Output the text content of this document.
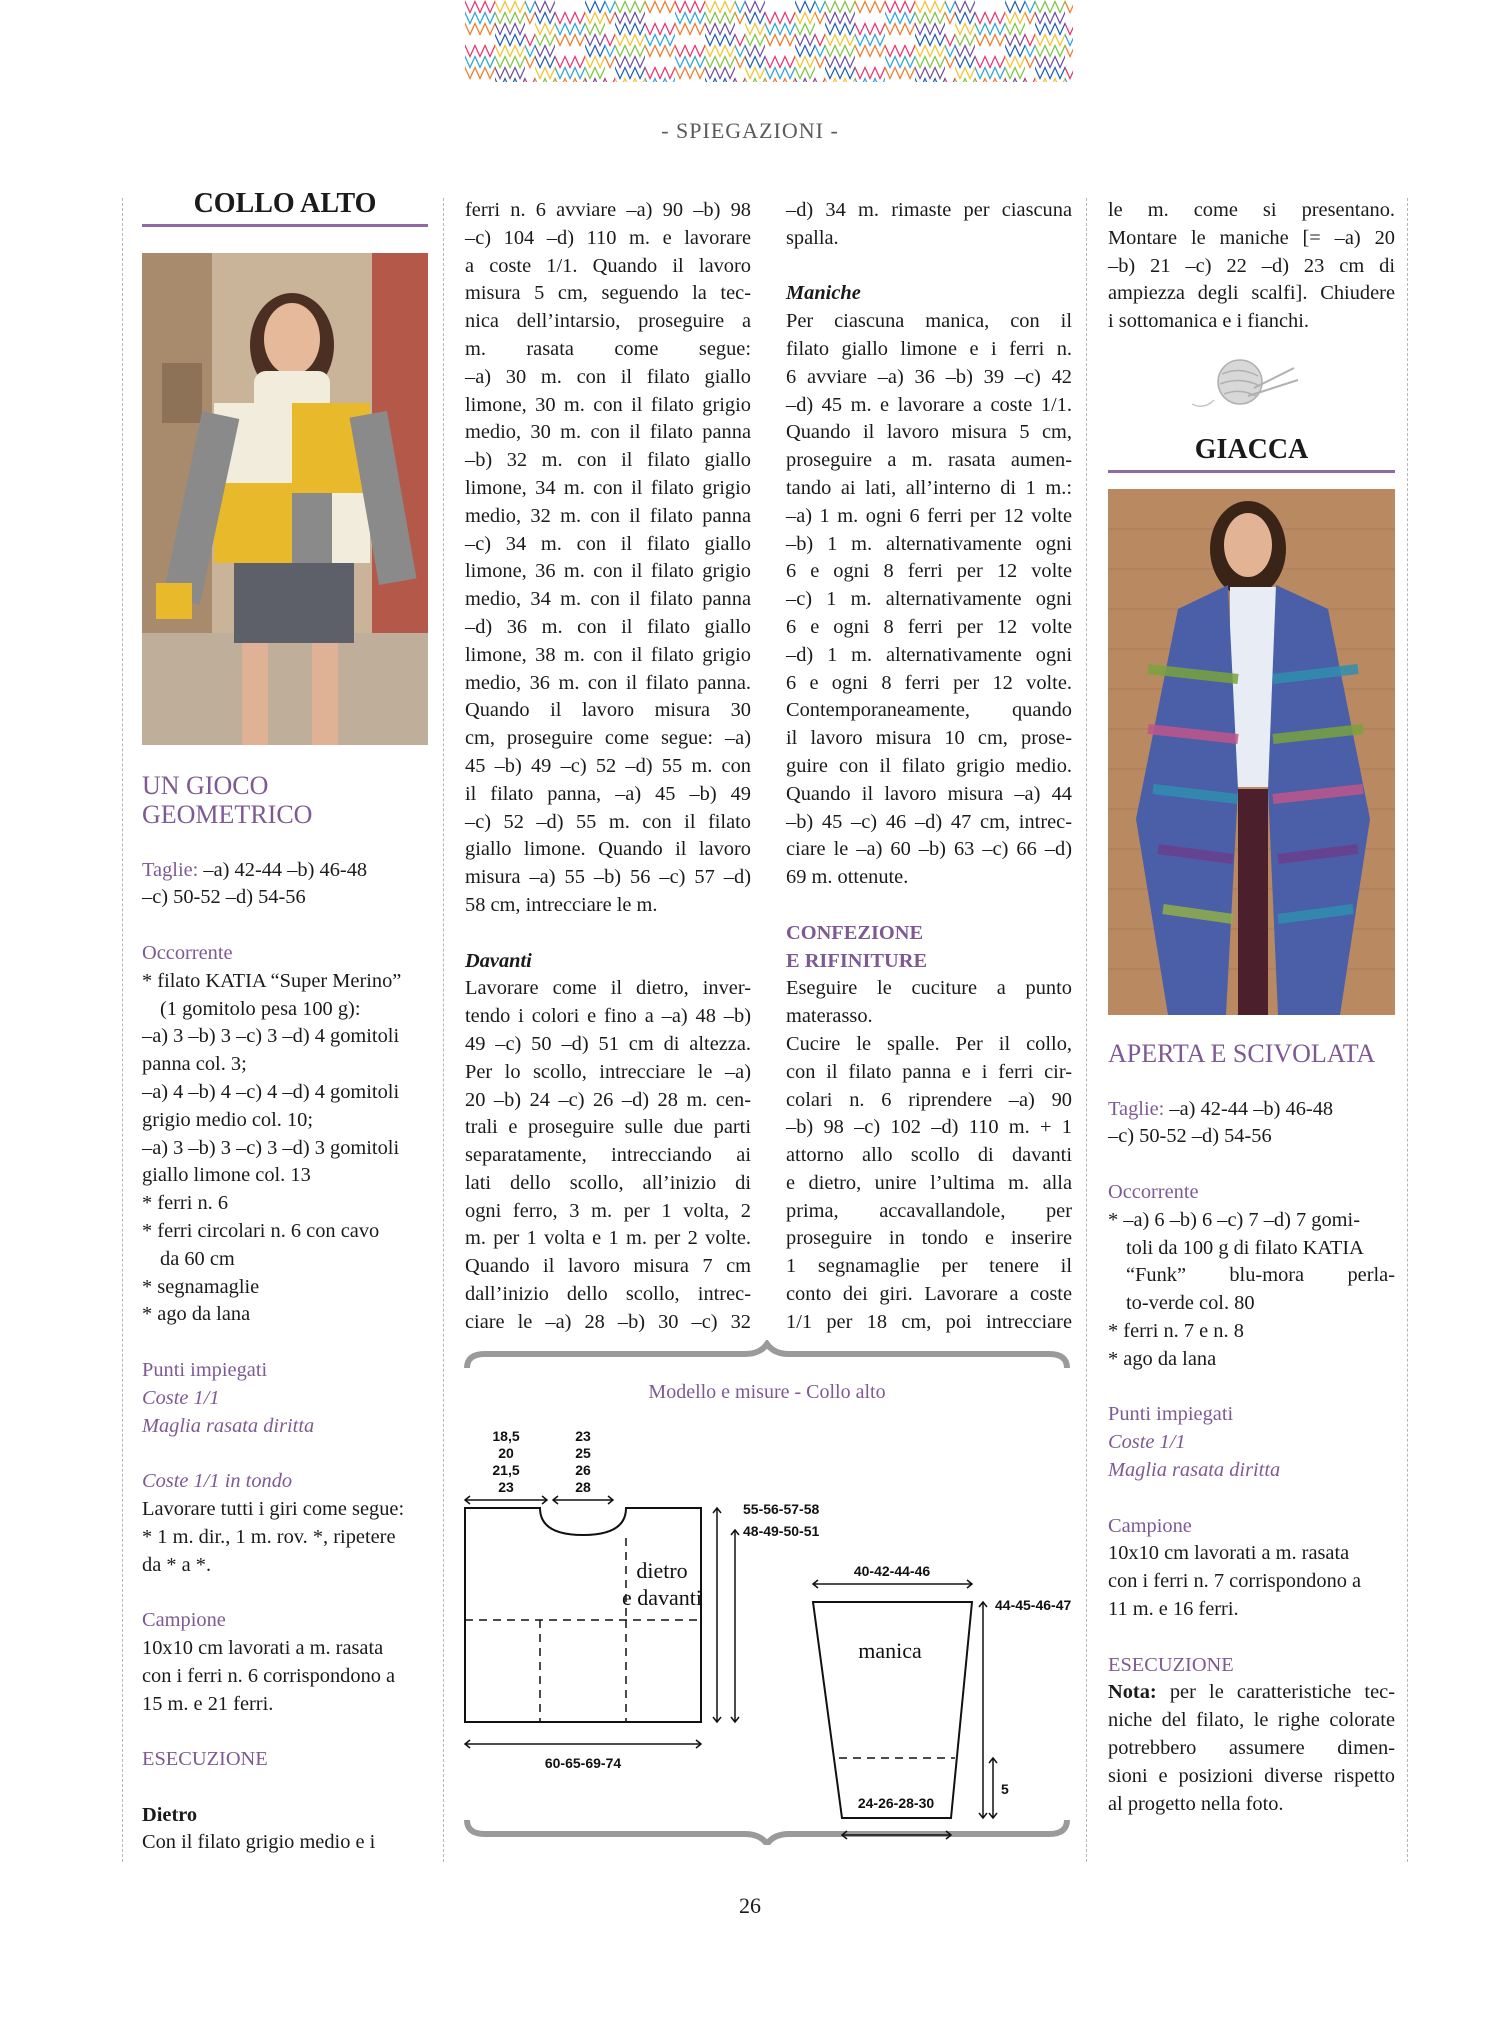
- SPIEGAZIONI -
COLLO ALTO
UN GIOCO
GEOMETRICO

Taglie: –a) 42-44 –b) 46-48

–c) 50-52 –d) 54-56

Occorrente

* filato KATIA “Super Merino”

(1 gomitolo pesa 100 g):

–a) 3 –b) 3 –c) 3 –d) 4 gomitoli

panna col. 3;

–a) 4 –b) 4 –c) 4 –d) 4 gomitoli

grigio medio col. 10;

–a) 3 –b) 3 –c) 3 –d) 3 gomitoli

giallo limone col. 13

* ferri n. 6

* ferri circolari n. 6 con cavo

da 60 cm

* segnamaglie

* ago da lana

Punti impiegati

Coste 1/1

Maglia rasata diritta

Coste 1/1 in tondo

Lavorare tutti i giri come segue:

* 1 m. dir., 1 m. rov. *, ripetere

da * a *.

Campione

10x10 cm lavorati a m. rasata

con i ferri n. 6 corrispondono a

15 m. e 21 ferri.

ESECUZIONE

Dietro

Con il filato grigio medio e i

ferri n. 6 avviare –a) 90 –b) 98

–c) 104 –d) 110 m. e lavorare

a coste 1/1. Quando il lavoro

misura 5 cm, seguendo la tec-

nica dell’intarsio, proseguire a

m. rasata come segue:

–a) 30 m. con il filato giallo

limone, 30 m. con il filato grigio

medio, 30 m. con il filato panna

–b) 32 m. con il filato giallo

limone, 34 m. con il filato grigio

medio, 32 m. con il filato panna

–c) 34 m. con il filato giallo

limone, 36 m. con il filato grigio

medio, 34 m. con il filato panna

–d) 36 m. con il filato giallo

limone, 38 m. con il filato grigio

medio, 36 m. con il filato panna.

Quando il lavoro misura 30

cm, proseguire come segue: –a)

45 –b) 49 –c) 52 –d) 55 m. con

il filato panna, –a) 45 –b) 49

–c) 52 –d) 55 m. con il filato

giallo limone. Quando il lavoro

misura –a) 55 –b) 56 –c) 57 –d)

58 cm, intrecciare le m.

Davanti

Lavorare come il dietro, inver-

tendo i colori e fino a –a) 48 –b)

49 –c) 50 –d) 51 cm di altezza.

Per lo scollo, intrecciare le –a)

20 –b) 24 –c) 26 –d) 28 m. cen-

trali e proseguire sulle due parti

separatamente, intrecciando ai

lati dello scollo, all’inizio di

ogni ferro, 3 m. per 1 volta, 2

m. per 1 volta e 1 m. per 2 volte.

Quando il lavoro misura 7 cm

dall’inizio dello scollo, intrec-

ciare le –a) 28 –b) 30 –c) 32

–d) 34 m. rimaste per ciascuna

spalla.

Maniche

Per ciascuna manica, con il

filato giallo limone e i ferri n.

6 avviare –a) 36 –b) 39 –c) 42

–d) 45 m. e lavorare a coste 1/1.

Quando il lavoro misura 5 cm,

proseguire a m. rasata aumen-

tando ai lati, all’interno di 1 m.:

–a) 1 m. ogni 6 ferri per 12 volte

–b) 1 m. alternativamente ogni

6 e ogni 8 ferri per 12 volte

–c) 1 m. alternativamente ogni

6 e ogni 8 ferri per 12 volte

–d) 1 m. alternativamente ogni

6 e ogni 8 ferri per 12 volte.

Contemporaneamente, quando

il lavoro misura 10 cm, prose-

guire con il filato grigio medio.

Quando il lavoro misura –a) 44

–b) 45 –c) 46 –d) 47 cm, intrec-

ciare le –a) 60 –b) 63 –c) 66 –d)

69 m. ottenute.

CONFEZIONE

E RIFINITURE

Eseguire le cuciture a punto

materasso.

Cucire le spalle. Per il collo,

con il filato panna e i ferri cir-

colari n. 6 riprendere –a) 90

–b) 98 –c) 102 –d) 110 m. + 1

attorno allo scollo di davanti

e dietro, unire l’ultima m. alla

prima, accavallandole, per

proseguire in tondo e inserire

1 segnamaglie per tenere il

conto dei giri. Lavorare a coste

1/1 per 18 cm, poi intrecciare

le m. come si presentano.

Montare le maniche [= –a) 20

–b) 21 –c) 22 –d) 23 cm di

ampiezza degli scalfi]. Chiudere

i sottomanica e i fianchi.

GIACCA
APERTA E SCIVOLATA

Taglie: –a) 42-44 –b) 46-48

–c) 50-52 –d) 54-56

Occorrente

* –a) 6 –b) 6 –c) 7 –d) 7 gomi-

toli da 100 g di filato KATIA

“Funk” blu-mora perla-

to-verde col. 80

* ferri n. 7 e n. 8

* ago da lana

Punti impiegati

Coste 1/1

Maglia rasata diritta

Campione

10x10 cm lavorati a m. rasata

con i ferri n. 7 corrispondono a

11 m. e 16 ferri.

ESECUZIONE

Nota: per le caratteristiche tec-

niche del filato, le righe colorate

potrebbero assumere dimen-

sioni e posizioni diverse rispetto

al progetto nella foto.

Modello e misure - Collo alto
18,5
20
21,5
23
23
25
26
28
dietro
e davanti
55-56-57-58
48-49-50-51
60-65-69-74
manica
40-42-44-46
44-45-46-47
5
24-26-28-30
26
